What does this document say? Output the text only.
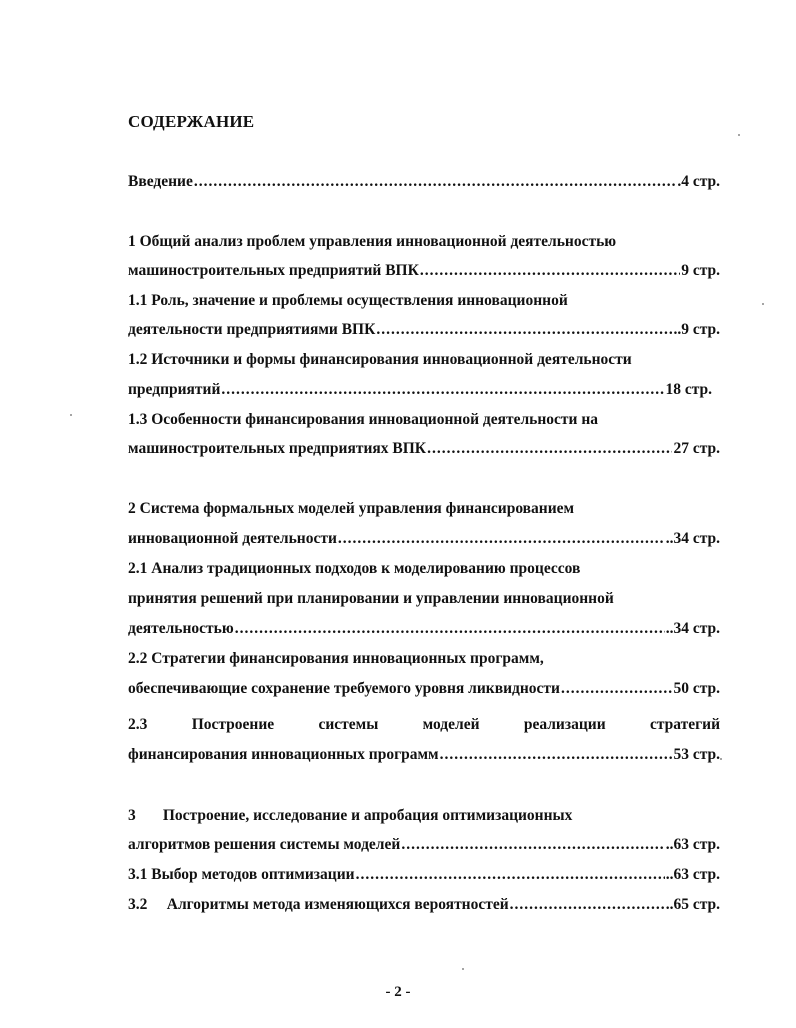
СОДЕРЖАНИЕ
Введение .....	.4 стр.
1 Общий анализ проблем управления инновационной деятельностью
машиностроительных предприятий ВПК .....	9 стр.
1.1 Роль, значение и проблемы осуществления инновационной
деятельности предприятиями ВПК .....	..9 стр.
1.2 Источники и формы финансирования инновационной деятельности
предприятий .....	18 стр.
1.3 Особенности финансирования инновационной деятельности на
машиностроительных предприятиях ВПК .....	27 стр.
2 Система формальных моделей управления финансированием
инновационной деятельности .....	..34 стр.
2.1 Анализ традиционных подходов к моделированию процессов
принятия решений при планировании и управлении инновационной
деятельностью .....	..34 стр.
2.2 Стратегии финансирования инновационных программ,
обеспечивающие сохранение требуемого уровня ликвидности .....	50 стр.
2.3	Построение	системы	моделей	реализации	стратегий
финансирования инновационных программ .....	53 стр.
3       Построение, исследование и апробация оптимизационных
алгоритмов решения системы моделей .....	..63 стр.
3.1 Выбор методов оптимизации .....	..63 стр.
3.2     Алгоритмы метода изменяющихся вероятностей .....	..65 стр.
- 2 -
